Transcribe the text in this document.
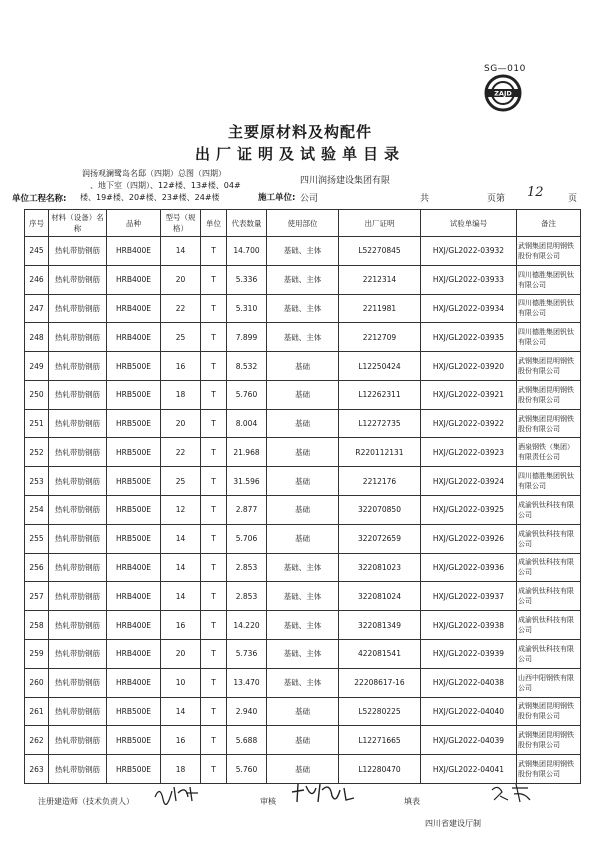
SG—010
ZAJD
主要原材料及构配件
出厂证明及试验单目录
润扬观澜鹭岛名邸（四期）总图（四期）
、地下室（四期）、12#楼、13#楼、04#
单位工程名称: 楼、19#楼、20#楼、23#楼、24#楼
四川润扬建设集团有限
施工单位: 公司	共	页第 12	页
序号	材料（设备）名称	品种	型号（规格）	单位	代表数量	使用部位	出厂证明	试验单编号	备注
245	热轧带肋钢筋	HRB400E	14	T	14.700	基础、主体	L52270845	HXJ/GL2022-03932	武钢集团昆明钢铁股份有限公司
246	热轧带肋钢筋	HRB400E	20	T	5.336	基础、主体	2212314	HXJ/GL2022-03933	四川德胜集团钒钛有限公司
247	热轧带肋钢筋	HRB400E	22	T	5.310	基础、主体	2211981	HXJ/GL2022-03934	四川德胜集团钒钛有限公司
248	热轧带肋钢筋	HRB400E	25	T	7.899	基础、主体	2212709	HXJ/GL2022-03935	四川德胜集团钒钛有限公司
249	热轧带肋钢筋	HRB500E	16	T	8.532	基础	L12250424	HXJ/GL2022-03920	武钢集团昆明钢铁股份有限公司
250	热轧带肋钢筋	HRB500E	18	T	5.760	基础	L12262311	HXJ/GL2022-03921	武钢集团昆明钢铁股份有限公司
251	热轧带肋钢筋	HRB500E	20	T	8.004	基础	L12272735	HXJ/GL2022-03922	武钢集团昆明钢铁股份有限公司
252	热轧带肋钢筋	HRB500E	22	T	21.968	基础	R220112131	HXJ/GL2022-03923	酒泉钢铁（集团）有限责任公司
253	热轧带肋钢筋	HRB500E	25	T	31.596	基础	2212176	HXJ/GL2022-03924	四川德胜集团钒钛有限公司
254	热轧带肋钢筋	HRB500E	12	T	2.877	基础	322070850	HXJ/GL2022-03925	成渝钒钛科技有限公司
255	热轧带肋钢筋	HRB500E	14	T	5.706	基础	322072659	HXJ/GL2022-03926	成渝钒钛科技有限公司
256	热轧带肋钢筋	HRB400E	14	T	2.853	基础、主体	322081023	HXJ/GL2022-03936	成渝钒钛科技有限公司
257	热轧带肋钢筋	HRB400E	14	T	2.853	基础、主体	322081024	HXJ/GL2022-03937	成渝钒钛科技有限公司
258	热轧带肋钢筋	HRB400E	16	T	14.220	基础、主体	322081349	HXJ/GL2022-03938	成渝钒钛科技有限公司
259	热轧带肋钢筋	HRB400E	20	T	5.736	基础、主体	422081541	HXJ/GL2022-03939	成渝钒钛科技有限公司
260	热轧带肋钢筋	HRB400E	10	T	13.470	基础、主体	22208617-16	HXJ/GL2022-04038	山西中阳钢铁有限公司
261	热轧带肋钢筋	HRB500E	14	T	2.940	基础	L52280225	HXJ/GL2022-04040	武钢集团昆明钢铁股份有限公司
262	热轧带肋钢筋	HRB500E	16	T	5.688	基础	L12271665	HXJ/GL2022-04039	武钢集团昆明钢铁股份有限公司
263	热轧带肋钢筋	HRB500E	18	T	5.760	基础	L12280470	HXJ/GL2022-04041	武钢集团昆明钢铁股份有限公司
注册建造师（技术负责人）	审核	填表
四川省建设厅制
